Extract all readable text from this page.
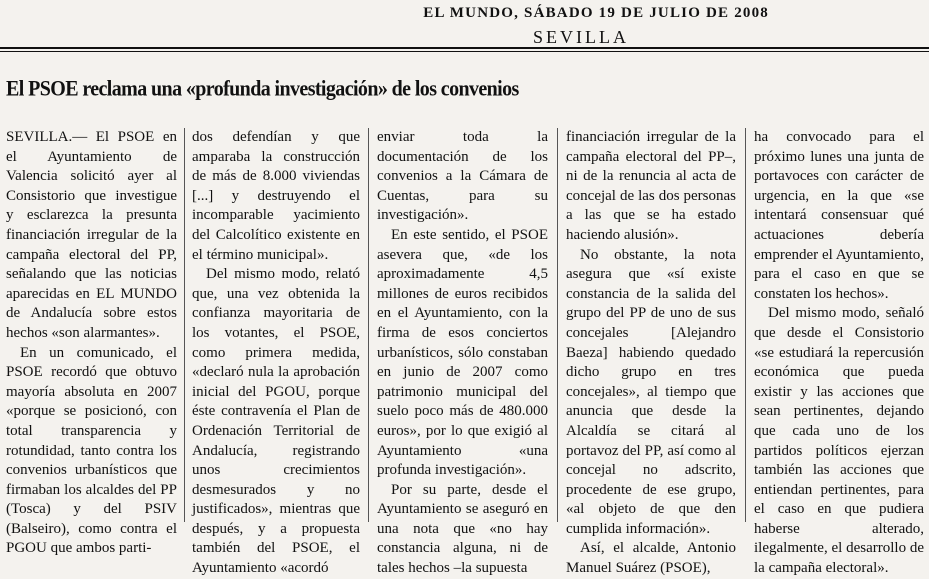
EL MUNDO, SÁBADO 19 DE JULIO DE 2008
SEVILLA
El PSOE reclama una «profunda investigación» de los convenios

SEVILLA.— El PSOE en el Ayuntamiento de Valencia solicitó ayer al Consistorio que investigue y esclarezca la presunta financiación irregular de la campaña electoral del PP, señalando que las noticias aparecidas en EL MUNDO de Andalucía sobre estos hechos «son alarmantes».

En un comunicado, el PSOE recordó que obtuvo mayoría absoluta en 2007 «porque se posicionó, con total transparencia y rotundidad, tanto contra los convenios urbanísticos que firmaban los alcaldes del PP (Tosca) y del PSIV (Balseiro), como contra el PGOU que ambos parti-

dos defendían y que amparaba la construcción de más de 8.000 viviendas [...] y destruyendo el incomparable yacimiento del Calcolítico existente en el término municipal».

Del mismo modo, relató que, una vez obtenida la confianza mayoritaria de los votantes, el PSOE, como primera medida, «declaró nula la aprobación inicial del PGOU, porque éste contravenía el Plan de Ordenación Territorial de Andalucía, registrando unos crecimientos desmesurados y no justificados», mientras que después, y a propuesta también del PSOE, el Ayuntamiento «acordó

enviar toda la documentación de los convenios a la Cámara de Cuentas, para su investigación».

En este sentido, el PSOE asevera que, «de los aproximadamente 4,5 millones de euros recibidos en el Ayuntamiento, con la firma de esos conciertos urbanísticos, sólo constaban en junio de 2007 como patrimonio municipal del suelo poco más de 480.000 euros», por lo que exigió al Ayuntamiento «una profunda investigación».

Por su parte, desde el Ayuntamiento se aseguró en una nota que «no hay constancia alguna, ni de tales hechos –la supuesta

financiación irregular de la campaña electoral del PP–, ni de la renuncia al acta de concejal de las dos personas a las que se ha estado haciendo alusión».

No obstante, la nota asegura que «sí existe constancia de la salida del grupo del PP de uno de sus concejales [Alejandro Baeza] habiendo quedado dicho grupo en tres concejales», al tiempo que anuncia que desde la Alcaldía se citará al portavoz del PP, así como al concejal no adscrito, procedente de ese grupo, «al objeto de que den cumplida información».

Así, el alcalde, Antonio Manuel Suárez (PSOE),

ha convocado para el próximo lunes una junta de portavoces con carácter de urgencia, en la que «se intentará consensuar qué actuaciones debería emprender el Ayuntamiento, para el caso en que se constaten los hechos».

Del mismo modo, señaló que desde el Consistorio «se estudiará la repercusión económica que pueda existir y las acciones que sean pertinentes, dejando que cada uno de los partidos políticos ejerzan también las acciones que entiendan pertinentes, para el caso en que pudiera haberse alterado, ilegalmente, el desarrollo de la campaña electoral».
